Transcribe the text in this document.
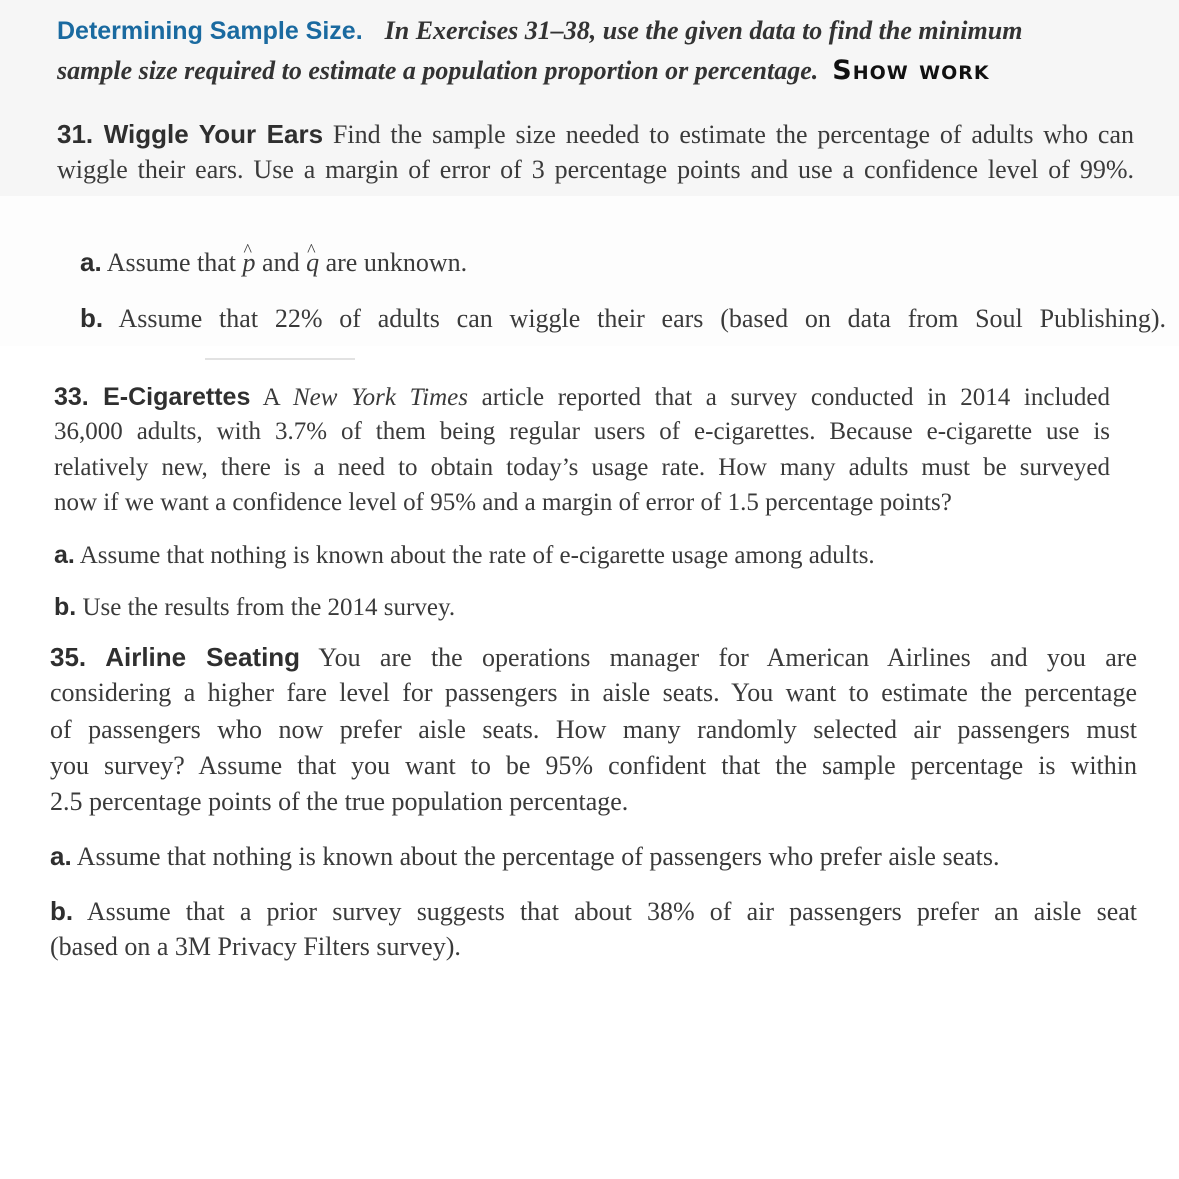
Determining Sample Size. In Exercises 31–38, use the given data to find the minimum
sample size required to estimate a population proportion or percentage. Show work
31. Wiggle Your Ears Find the sample size needed to estimate the percentage of adults who can
wiggle their ears. Use a margin of error of 3 percentage points and use a confidence level of 99%.
a. Assume that p ^ and q ^ are unknown.
b. Assume that 22% of adults can wiggle their ears (based on data from Soul Publishing).
33. E-Cigarettes A New York Times article reported that a survey conducted in 2014 included
36,000 adults, with 3.7% of them being regular users of e-cigarettes. Because e-cigarette use is
relatively new, there is a need to obtain today’s usage rate. How many adults must be surveyed
now if we want a confidence level of 95% and a margin of error of 1.5 percentage points?
a. Assume that nothing is known about the rate of e-cigarette usage among adults.
b. Use the results from the 2014 survey.
35. Airline Seating You are the operations manager for American Airlines and you are
considering a higher fare level for passengers in aisle seats. You want to estimate the percentage
of passengers who now prefer aisle seats. How many randomly selected air passengers must
you survey? Assume that you want to be 95% confident that the sample percentage is within
2.5 percentage points of the true population percentage.
a. Assume that nothing is known about the percentage of passengers who prefer aisle seats.
b. Assume that a prior survey suggests that about 38% of air passengers prefer an aisle seat
(based on a 3M Privacy Filters survey).
